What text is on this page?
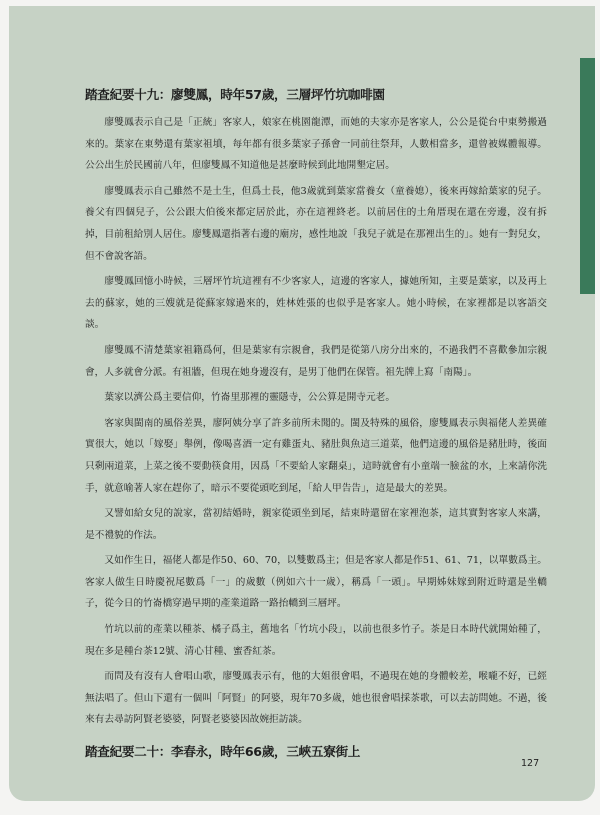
踏查紀要十九：廖雙鳳，時年57歲，三層坪竹坑咖啡園

廖雙鳳表示自己是「正統」客家人，娘家在桃園龍潭，而她的夫家亦是客家人，公公是從台中東勢搬過來的。葉家在東勢還有葉家祖墳，每年都有很多葉家子孫會一同前往祭拜，人數相當多，還曾被媒體報導。公公出生於民國前八年，但廖雙鳳不知道他是甚麼時候到此地開墾定居。

廖雙鳳表示自己雖然不是土生，但爲土長，他3歲就到葉家當養女（童養媳），後來再嫁給葉家的兒子。養父有四個兒子，公公跟大伯後來都定居於此，亦在這裡終老。以前居住的土角厝現在還在旁邊，沒有拆掉，目前租給別人居住。廖雙鳳還指著右邊的廟房，感性地說「我兒子就是在那裡出生的」。她有一對兒女，但不會說客語。

廖雙鳳回憶小時候，三層坪竹坑這裡有不少客家人，這邊的客家人，據她所知，主要是葉家，以及再上去的蘇家，她的三嫂就是從蘇家嫁過來的，姓林姓張的也似乎是客家人。她小時候，在家裡都是以客語交談。

廖雙鳳不清楚葉家祖籍爲何，但是葉家有宗親會，我們是從第八房分出來的，不過我們不喜歡參加宗親會，人多就會分派。有祖牆，但現在她身邊沒有，是男丁他們在保管。祖先牌上寫「南陽」。

葉家以濟公爲主要信仰，竹崙里那裡的靈隱寺，公公算是開寺元老。

客家與閩南的風俗差異，廖阿姨分享了許多前所未聞的。閩及特殊的風俗，廖雙鳳表示與福佬人差異確實很大，她以「嫁娶」舉例，像喝喜酒一定有雞蛋丸、豬肚與魚這三道菜，他們這邊的風俗是豬肚時，後面只剩兩道菜，上菜之後不要動筷食用，因爲「不要給人家翻桌」，這時就會有小童端一臉盆的水，上來請你洗手，就意喻著人家在趕你了，暗示不要從頭吃到尾，「給人甲告告」，這是最大的差異。

又譬如給女兒的說家，當初結婚時，親家從頭坐到尾，結束時還留在家裡泡茶，這其實對客家人來講，是不禮貌的作法。

又如作生日，福佬人都是作50、60、70，以雙數爲主；但是客家人都是作51、61、71，以單數爲主。客家人做生日時慶祝尾數爲「一」的歲數（例如六十一歲），稱爲「一頭」。早期姊妹嫁到附近時還是坐轎子，從今日的竹崙橋穿過早期的產業道路一路抬轎到三層坪。

竹坑以前的產業以種茶、橘子爲主，舊地名「竹坑小段」，以前也很多竹子。茶是日本時代就開始種了，現在多是種台茶12號、清心甘種、蜜香紅茶。

而問及有沒有人會唱山歌，廖雙鳳表示有，他的大姐很會唱，不過現在她的身體較差，喉嚨不好，已經無法唱了。但山下還有一個叫「阿賢」的阿婆，現年70多歲，她也很會唱採茶歌，可以去訪問她。不過，後來有去尋訪阿賢老婆婆，阿賢老婆婆因故婉拒訪談。

踏查紀要二十：李春永，時年66歲，三峽五寮街上
127
